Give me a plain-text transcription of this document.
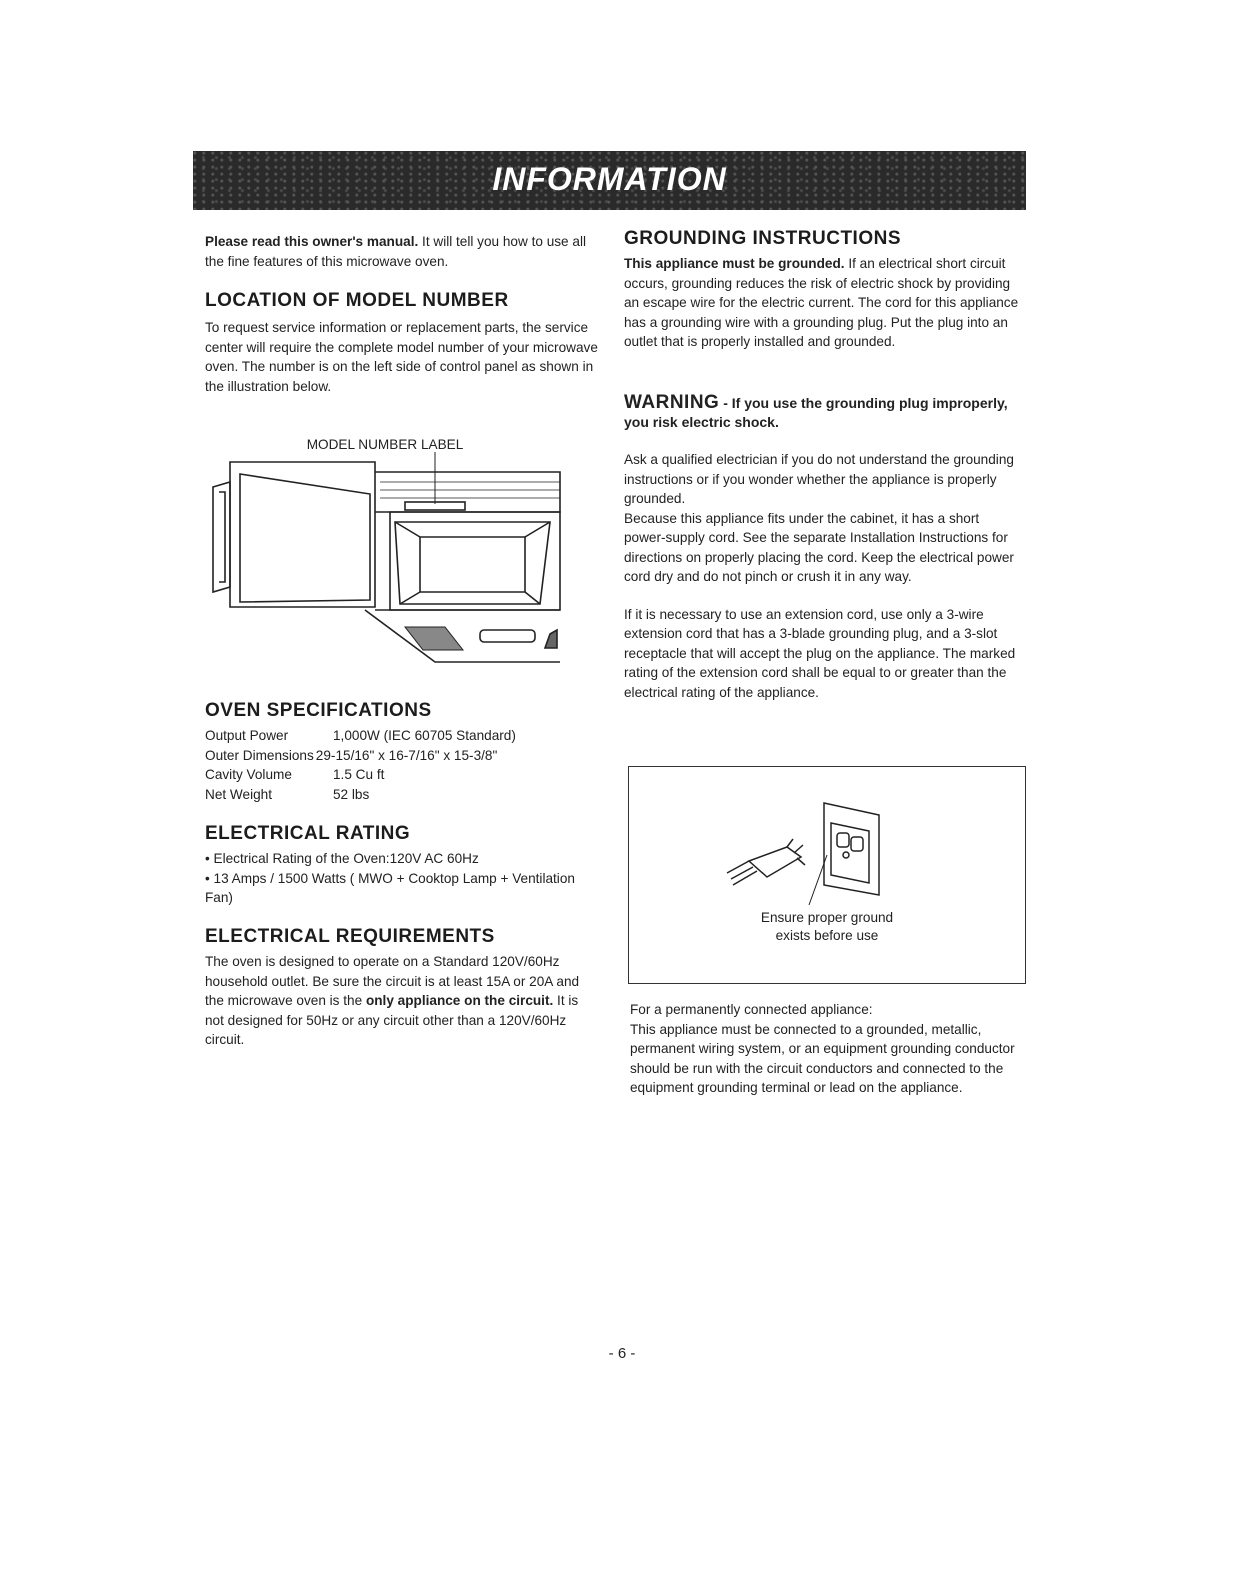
INFORMATION

Please read this owner's manual. It will tell you how to use all the fine features of this microwave oven.

LOCATION OF MODEL NUMBER

To request service information or replacement parts, the service center will require the complete model number of your microwave oven. The number is on the left side of control panel as shown in the illustration below.

MODEL NUMBER LABEL
OVEN SPECIFICATIONS
Output Power	1,000W (IEC 60705 Standard)
Outer Dimensions 29-15/16" x 16-7/16" x 15-3/8"
Cavity Volume	1.5 Cu ft
Net Weight	52 lbs
ELECTRICAL RATING

• Electrical Rating of the Oven:120V AC 60Hz

• 13 Amps / 1500 Watts ( MWO + Cooktop Lamp + Ventilation Fan)

ELECTRICAL REQUIREMENTS

The oven is designed to operate on a Standard 120V/60Hz household outlet. Be sure the circuit is at least 15A or 20A and the microwave oven is the only appliance on the circuit. It is not designed for 50Hz or any circuit other than a 120V/60Hz circuit.

GROUNDING INSTRUCTIONS

This appliance must be grounded. If an electrical short circuit occurs, grounding reduces the risk of electric shock by providing an escape wire for the electric current. The cord for this appliance has a grounding wire with a grounding plug. Put the plug into an outlet that is properly installed and grounded.

WARNING - If you use the grounding plug improperly, you risk electric shock.

Ask a qualified electrician if you do not understand the grounding instructions or if you wonder whether the appliance is properly grounded.

Because this appliance fits under the cabinet, it has a short power-supply cord. See the separate Installation Instructions for directions on properly placing the cord. Keep the electrical power cord dry and do not pinch or crush it in any way.

If it is necessary to use an extension cord, use only a 3-wire extension cord that has a 3-blade grounding plug, and a 3-slot receptacle that will accept the plug on the appliance. The marked rating of the extension cord shall be equal to or greater than the electrical rating of the appliance.

Ensure proper ground
exists before use

For a permanently connected appliance:

This appliance must be connected to a grounded, metallic, permanent wiring system, or an equipment grounding conductor should be run with the circuit conductors and connected to the equipment grounding terminal or lead on the appliance.

- 6 -
